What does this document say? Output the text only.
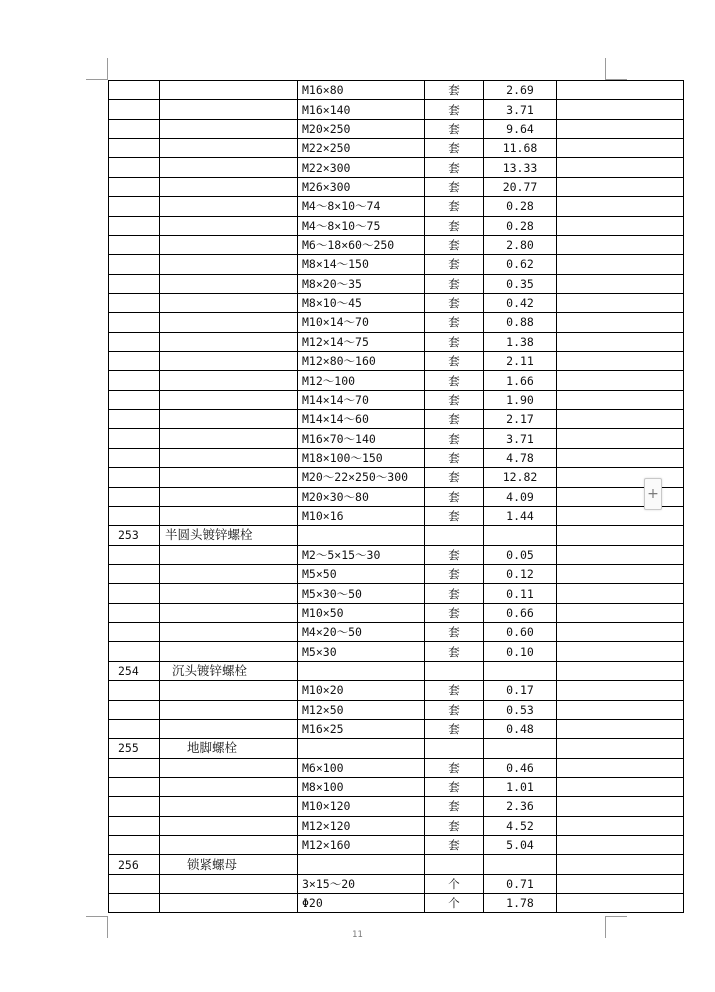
		M16×80	套	2.69	
		M16×140	套	3.71	
		M20×250	套	9.64	
		M22×250	套	11.68	
		M22×300	套	13.33	
		M26×300	套	20.77	
		M4～8×10～74	套	0.28	
		M4～8×10～75	套	0.28	
		M6～18×60～250	套	2.80	
		M8×14～150	套	0.62	
		M8×20～35	套	0.35	
		M8×10～45	套	0.42	
		M10×14～70	套	0.88	
		M12×14～75	套	1.38	
		M12×80～160	套	2.11	
		M12～100	套	1.66	
		M14×14～70	套	1.90	
		M14×14～60	套	2.17	
		M16×70～140	套	3.71	
		M18×100～150	套	4.78	
		M20～22×250～300	套	12.82	
		M20×30～80	套	4.09	
		M10×16	套	1.44	
253	半圆头镀锌螺栓				
		M2～5×15～30	套	0.05	
		M5×50	套	0.12	
		M5×30～50	套	0.11	
		M10×50	套	0.66	
		M4×20～50	套	0.60	
		M5×30	套	0.10	
254	沉头镀锌螺栓				
		M10×20	套	0.17	
		M12×50	套	0.53	
		M16×25	套	0.48	
255	地脚螺栓				
		M6×100	套	0.46	
		M8×100	套	1.01	
		M10×120	套	2.36	
		M12×120	套	4.52	
		M12×160	套	5.04	
256	锁紧螺母				
		3×15～20	个	0.71	
		Φ20	个	1.78	
+
11
